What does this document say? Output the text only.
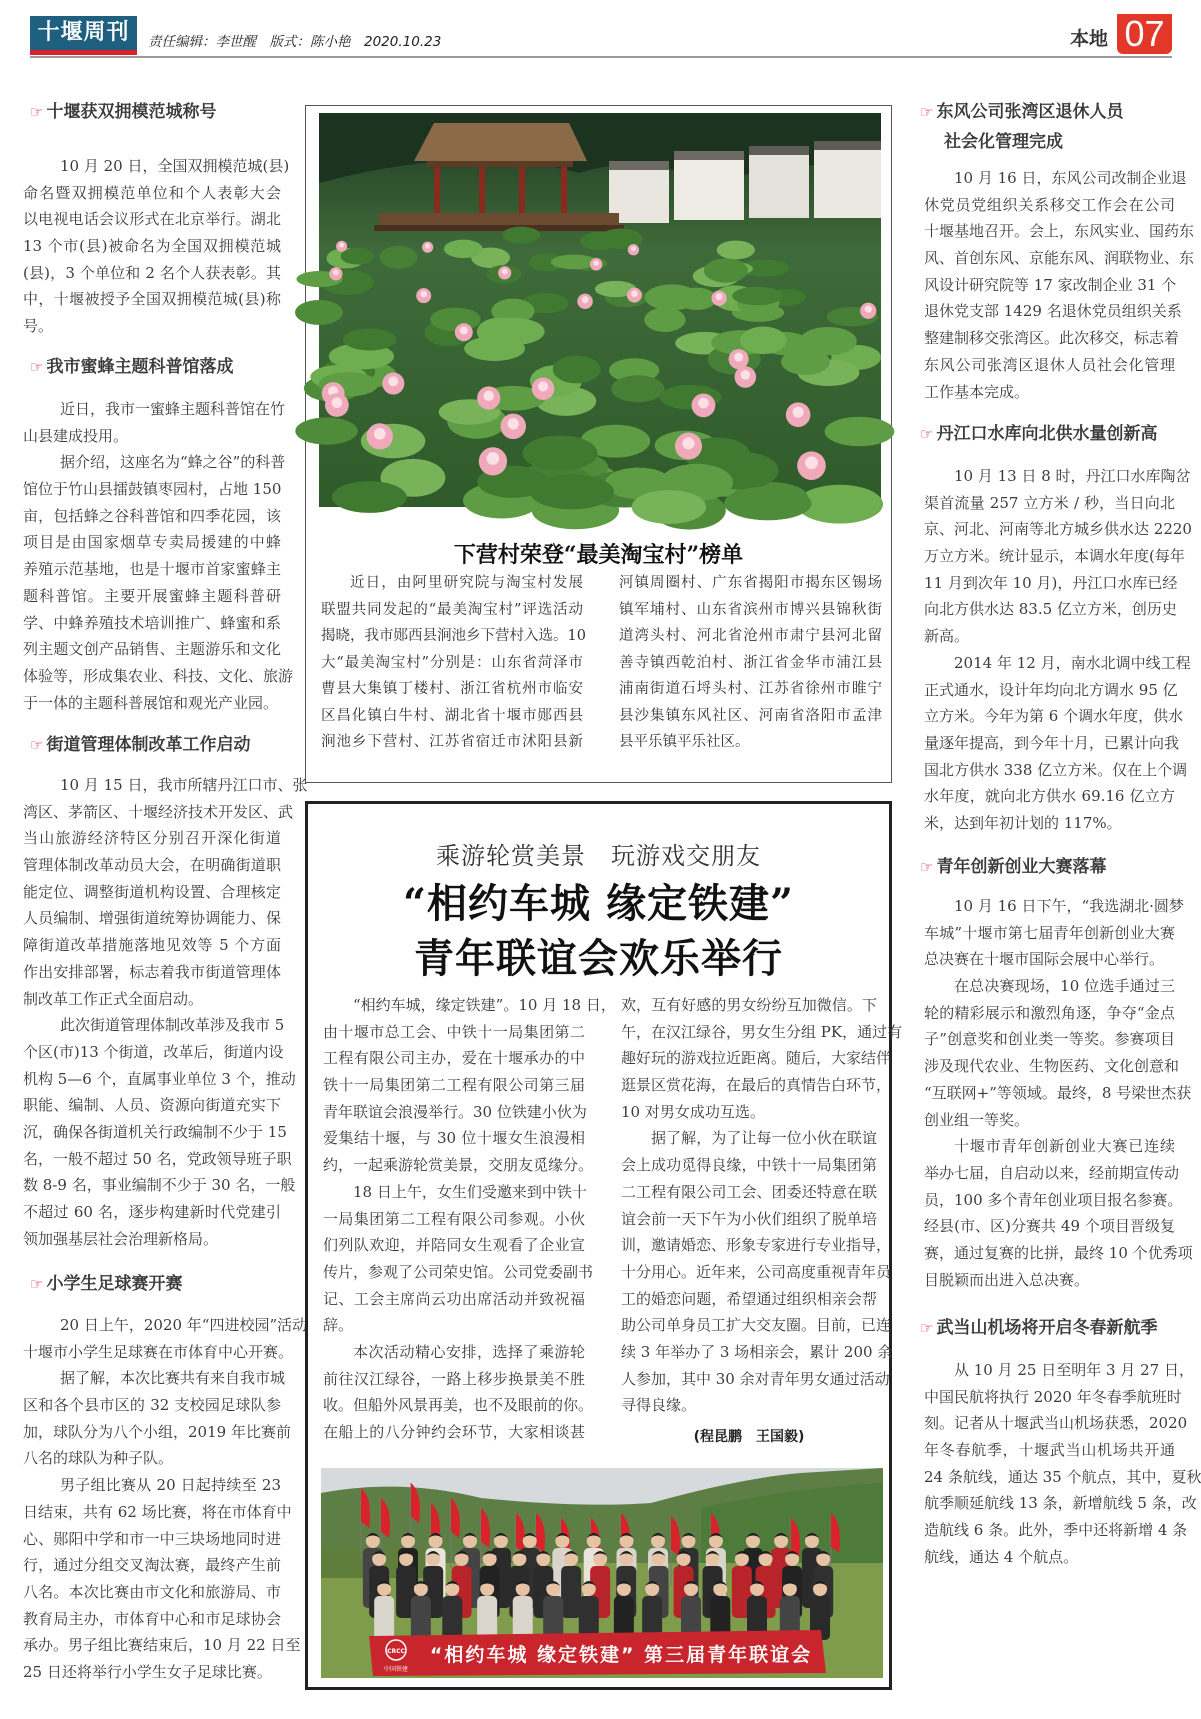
十堰周刊	责任编辑：李世醒　版式：陈小艳　2020.10.23	本地 07
☞ 十堰获双拥模范城称号
10 月 20 日，全国双拥模范城(县)
命名暨双拥模范单位和个人表彰大会
以电视电话会议形式在北京举行。湖北
13 个市(县)被命名为全国双拥模范城
(县)，3 个单位和 2 名个人获表彰。其
中，十堰被授予全国双拥模范城(县)称
号。
☞ 我市蜜蜂主题科普馆落成
近日，我市一蜜蜂主题科普馆在竹
山县建成投用。
据介绍，这座名为“蜂之谷”的科普
馆位于竹山县擂鼓镇枣园村，占地 150
亩，包括蜂之谷科普馆和四季花园，该
项目是由国家烟草专卖局援建的中蜂
养殖示范基地，也是十堰市首家蜜蜂主
题科普馆。主要开展蜜蜂主题科普研
学、中蜂养殖技术培训推广、蜂蜜和系
列主题文创产品销售、主题游乐和文化
体验等，形成集农业、科技、文化、旅游
于一体的主题科普展馆和观光产业园。
☞ 街道管理体制改革工作启动
10 月 15 日，我市所辖丹江口市、张
湾区、茅箭区、十堰经济技术开发区、武
当山旅游经济特区分别召开深化街道
管理体制改革动员大会，在明确街道职
能定位、调整街道机构设置、合理核定
人员编制、增强街道统筹协调能力、保
障街道改革措施落地见效等 5 个方面
作出安排部署，标志着我市街道管理体
制改革工作正式全面启动。
此次街道管理体制改革涉及我市 5
个区(市)13 个街道，改革后，街道内设
机构 5—6 个，直属事业单位 3 个，推动
职能、编制、人员、资源向街道充实下
沉，确保各街道机关行政编制不少于 15
名，一般不超过 50 名，党政领导班子职
数 8-9 名，事业编制不少于 30 名，一般
不超过 60 名，逐步构建新时代党建引
领加强基层社会治理新格局。
☞ 小学生足球赛开赛
20 日上午，2020 年“四进校园”活动
十堰市小学生足球赛在市体育中心开赛。
据了解，本次比赛共有来自我市城
区和各个县市区的 32 支校园足球队参
加，球队分为八个小组，2019 年比赛前
八名的球队为种子队。
男子组比赛从 20 日起持续至 23
日结束，共有 62 场比赛，将在市体育中
心、郧阳中学和市一中三块场地同时进
行，通过分组交叉淘汰赛，最终产生前
八名。本次比赛由市文化和旅游局、市
教育局主办，市体育中心和市足球协会
承办。男子组比赛结束后，10 月 22 日至
25 日还将举行小学生女子足球比赛。
☞ 东风公司张湾区退休人员
社会化管理完成
10 月 16 日，东风公司改制企业退
休党员党组织关系移交工作会在公司
十堰基地召开。会上，东风实业、国药东
风、首创东风、京能东风、润联物业、东
风设计研究院等 17 家改制企业 31 个
退休党支部 1429 名退休党员组织关系
整建制移交张湾区。此次移交，标志着
东风公司张湾区退休人员社会化管理
工作基本完成。
☞ 丹江口水库向北供水量创新高
10 月 13 日 8 时，丹江口水库陶岔
渠首流量 257 立方米 / 秒，当日向北
京、河北、河南等北方城乡供水达 2220
万立方米。统计显示，本调水年度(每年
11 月到次年 10 月)，丹江口水库已经
向北方供水达 83.5 亿立方米，创历史
新高。
2014 年 12 月，南水北调中线工程
正式通水，设计年均向北方调水 95 亿
立方米。今年为第 6 个调水年度，供水
量逐年提高，到今年十月，已累计向我
国北方供水 338 亿立方米。仅在上个调
水年度，就向北方供水 69.16 亿立方
米，达到年初计划的 117%。
☞ 青年创新创业大赛落幕
10 月 16 日下午，“我选湖北·圆梦
车城”十堰市第七届青年创新创业大赛
总决赛在十堰市国际会展中心举行。
在总决赛现场，10 位选手通过三
轮的精彩展示和激烈角逐，争夺“金点
子”创意奖和创业类一等奖。参赛项目
涉及现代农业、生物医药、文化创意和
“互联网+”等领域。最终，8 号梁世杰获
创业组一等奖。
十堰市青年创新创业大赛已连续
举办七届，自启动以来，经前期宣传动
员，100 多个青年创业项目报名参赛。
经县(市、区)分赛共 49 个项目晋级复
赛，通过复赛的比拼，最终 10 个优秀项
目脱颖而出进入总决赛。
☞ 武当山机场将开启冬春新航季
从 10 月 25 日至明年 3 月 27 日，
中国民航将执行 2020 年冬春季航班时
刻。记者从十堰武当山机场获悉，2020
年冬春航季，十堰武当山机场共开通
24 条航线，通达 35 个航点，其中，夏秋
航季顺延航线 13 条，新增航线 5 条，改
造航线 6 条。此外，季中还将新增 4 条
航线，通达 4 个航点。
下营村荣登“最美淘宝村”榜单
近日，由阿里研究院与淘宝村发展
联盟共同发起的“最美淘宝村”评选活动
揭晓，我市郧西县涧池乡下营村入选。10
大“最美淘宝村”分别是：山东省菏泽市
曹县大集镇丁楼村、浙江省杭州市临安
区昌化镇白牛村、湖北省十堰市郧西县
涧池乡下营村、江苏省宿迁市沭阳县新
河镇周圈村、广东省揭阳市揭东区锡场
镇军埔村、山东省滨州市博兴县锦秋街
道湾头村、河北省沧州市肃宁县河北留
善寺镇西乾泊村、浙江省金华市浦江县
浦南街道石埒头村、江苏省徐州市睢宁
县沙集镇东风社区、河南省洛阳市孟津
县平乐镇平乐社区。
乘游轮赏美景　玩游戏交朋友
“相约车城 缘定铁建”
青年联谊会欢乐举行
“相约车城，缘定铁建”。10 月 18 日，
由十堰市总工会、中铁十一局集团第二
工程有限公司主办，爱在十堰承办的中
铁十一局集团第二工程有限公司第三届
青年联谊会浪漫举行。30 位铁建小伙为
爱集结十堰，与 30 位十堰女生浪漫相
约，一起乘游轮赏美景，交朋友觅缘分。
18 日上午，女生们受邀来到中铁十
一局集团第二工程有限公司参观。小伙
们列队欢迎，并陪同女生观看了企业宣
传片，参观了公司荣史馆。公司党委副书
记、工会主席尚云功出席活动并致祝福
辞。
本次活动精心安排，选择了乘游轮
前往汉江绿谷，一路上移步换景美不胜
收。但船外风景再美，也不及眼前的你。
在船上的八分钟约会环节，大家相谈甚
欢，互有好感的男女纷纷互加微信。下
午，在汉江绿谷，男女生分组 PK，通过有
趣好玩的游戏拉近距离。随后，大家结伴
逛景区赏花海，在最后的真情告白环节，
10 对男女成功互选。
据了解，为了让每一位小伙在联谊
会上成功觅得良缘，中铁十一局集团第
二工程有限公司工会、团委还特意在联
谊会前一天下午为小伙们组织了脱单培
训，邀请婚恋、形象专家进行专业指导，
十分用心。近年来，公司高度重视青年员
工的婚恋问题，希望通过组织相亲会帮
助公司单身员工扩大交友圈。目前，已连
续 3 年举办了 3 场相亲会，累计 200 余
人参加，其中 30 余对青年男女通过活动
寻得良缘。
(程昆鹏　王国毅)
CRCC
中国铁建
“相约车城 缘定铁建” 第三届青年联谊会
